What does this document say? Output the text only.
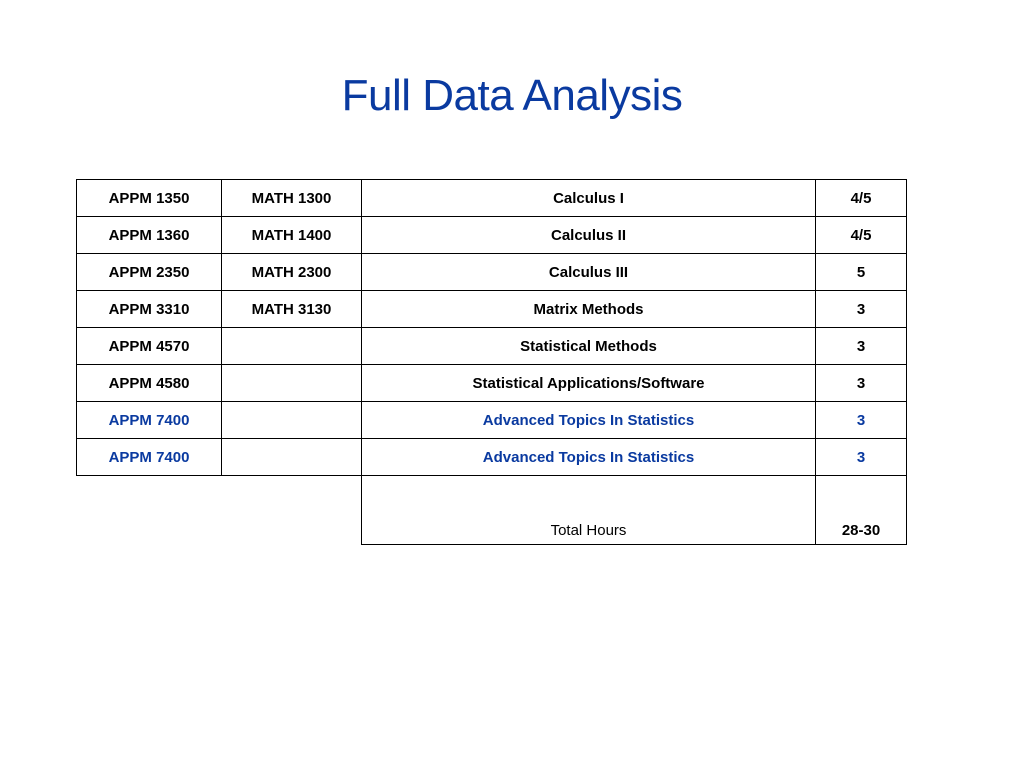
Full Data Analysis
APPM 1350	MATH 1300	Calculus I	4/5
APPM 1360	MATH 1400	Calculus II	4/5
APPM 2350	MATH 2300	Calculus III	5
APPM 3310	MATH 3130	Matrix Methods	3
APPM 4570		Statistical Methods	3
APPM 4580		Statistical Applications/Software	3
APPM 7400		Advanced Topics In Statistics	3
APPM 7400		Advanced Topics In Statistics	3
		Total Hours	28-30
